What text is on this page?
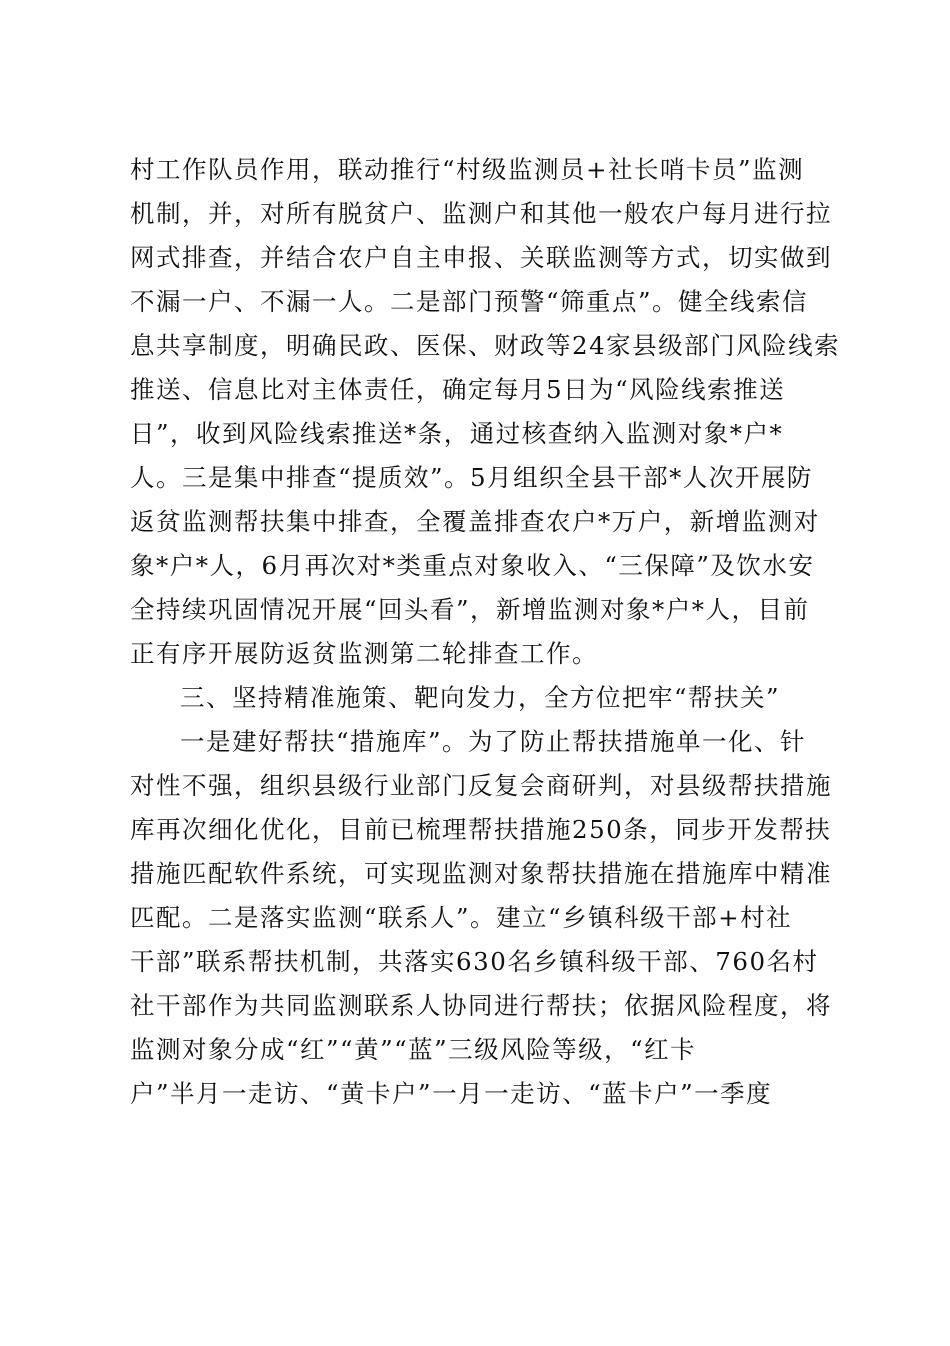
村工作队员作用，联动推行“村级监测员+社长哨卡员”监测
机制，并，对所有脱贫户、监测户和其他一般农户每月进行拉
网式排查，并结合农户自主申报、关联监测等方式，切实做到
不漏一户、不漏一人。二是部门预警“筛重点”。健全线索信
息共享制度，明确民政、医保、财政等24家县级部门风险线索
推送、信息比对主体责任，确定每月5日为“风险线索推送
日”，收到风险线索推送*条，通过核查纳入监测对象*户*
人。三是集中排查“提质效”。5月组织全县干部*人次开展防
返贫监测帮扶集中排查，全覆盖排查农户*万户，新增监测对
象*户*人，6月再次对*类重点对象收入、“三保障”及饮水安
全持续巩固情况开展“回头看”，新增监测对象*户*人，目前
正有序开展防返贫监测第二轮排查工作。
三、坚持精准施策、靶向发力，全方位把牢“帮扶关”
一是建好帮扶“措施库”。为了防止帮扶措施单一化、针
对性不强，组织县级行业部门反复会商研判，对县级帮扶措施
库再次细化优化，目前已梳理帮扶措施250条，同步开发帮扶
措施匹配软件系统，可实现监测对象帮扶措施在措施库中精准
匹配。二是落实监测“联系人”。建立“乡镇科级干部+村社
干部”联系帮扶机制，共落实630名乡镇科级干部、760名村
社干部作为共同监测联系人协同进行帮扶；依据风险程度，将
监测对象分成“红”“黄”“蓝”三级风险等级，“红卡
户”半月一走访、“黄卡户”一月一走访、“蓝卡户”一季度
